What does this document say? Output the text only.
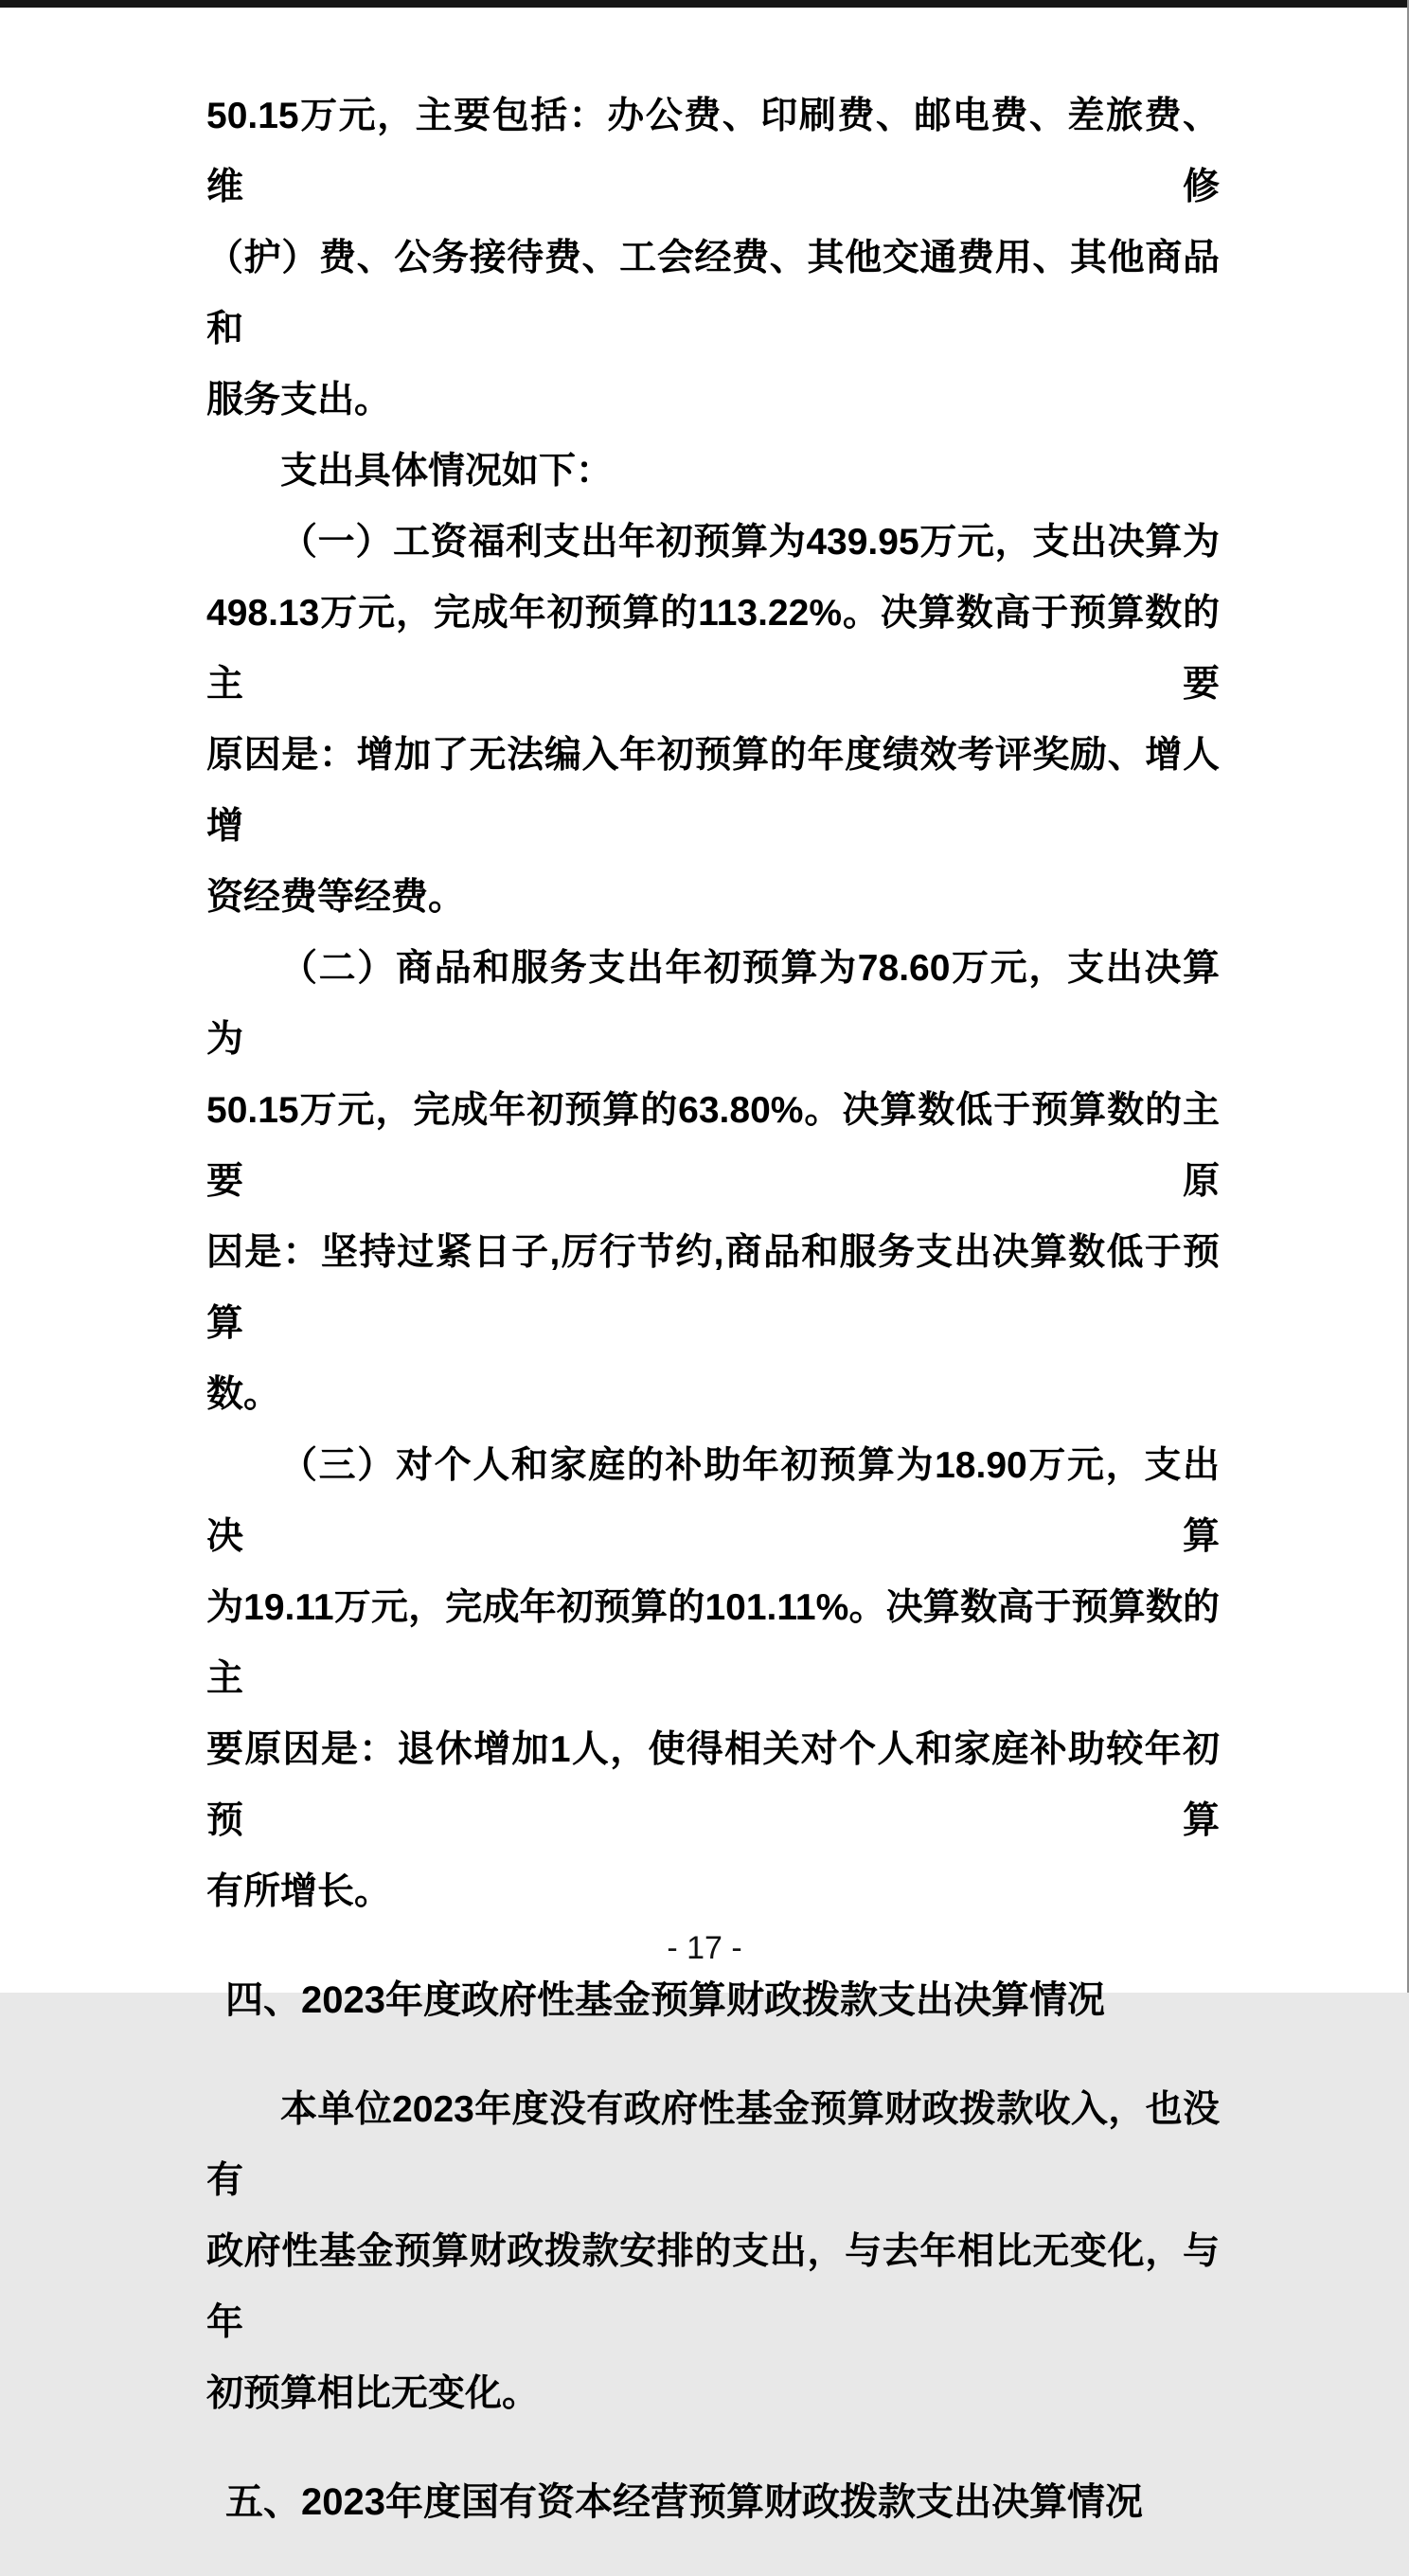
50.15万元，主要包括：办公费、印刷费、邮电费、差旅费、维修
（护）费、公务接待费、工会经费、其他交通费用、其他商品和
服务支出。
支出具体情况如下：
（一）工资福利支出年初预算为439.95万元，支出决算为
498.13万元，完成年初预算的113.22%。决算数高于预算数的主要
原因是：增加了无法编入年初预算的年度绩效考评奖励、增人增
资经费等经费。
（二）商品和服务支出年初预算为78.60万元，支出决算为
50.15万元，完成年初预算的63.80%。决算数低于预算数的主要原
因是：坚持过紧日子,厉行节约,商品和服务支出决算数低于预算
数。
（三）对个人和家庭的补助年初预算为18.90万元，支出决算
为19.11万元，完成年初预算的101.11%。决算数高于预算数的主
要原因是：退休增加1人，使得相关对个人和家庭补助较年初预算
有所增长。
四、2023年度政府性基金预算财政拨款支出决算情况
本单位2023年度没有政府性基金预算财政拨款收入，也没有
政府性基金预算财政拨款安排的支出，与去年相比无变化，与年
初预算相比无变化。
五、2023年度国有资本经营预算财政拨款支出决算情况
- 17 -
